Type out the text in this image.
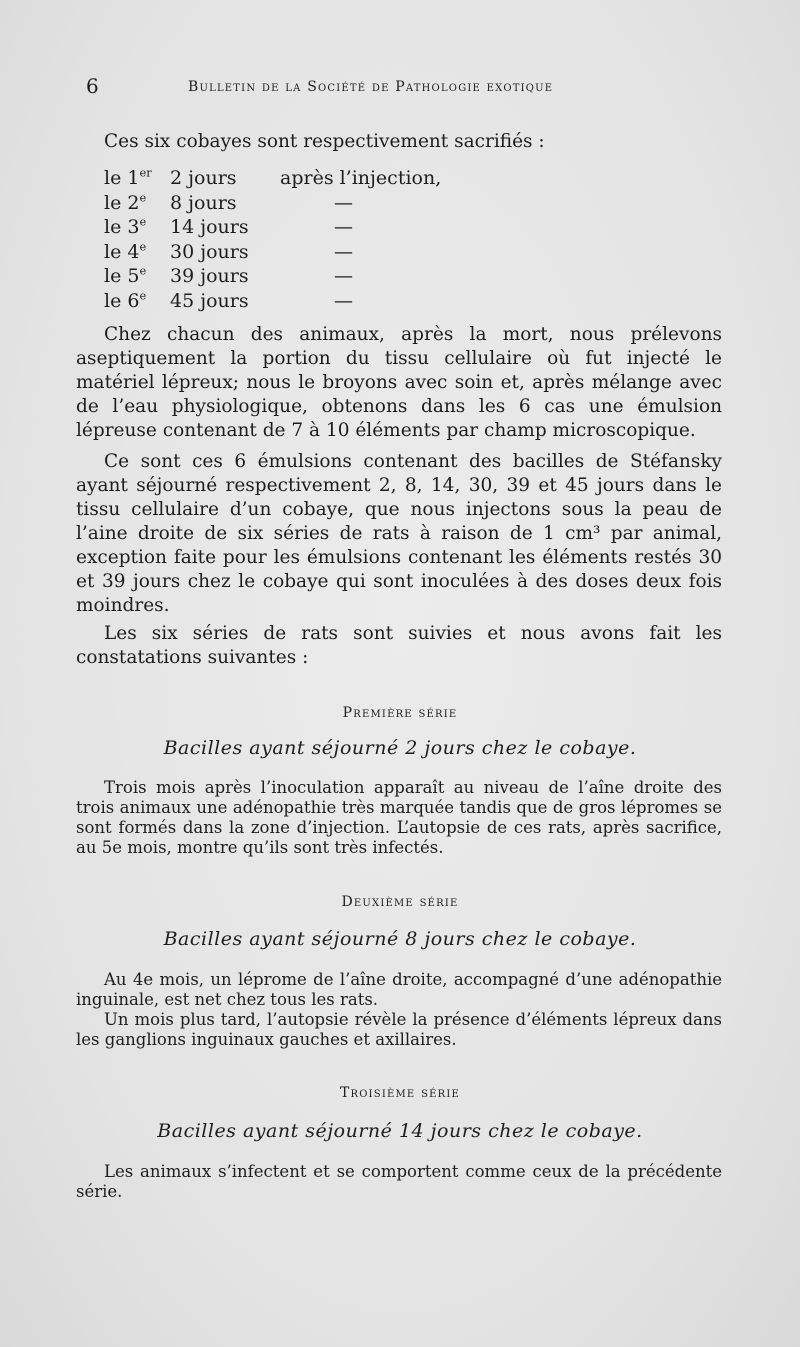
6	Bulletin de la Société de Pathologie exotique
Ces six cobayes sont respectivement sacrifiés :
le 1er 2 jours	après l’injection,
le 2e	8 jours	—
le 3e	14 jours	—
le 4e	30 jours	—
le 5e	39 jours	—
le 6e	45 jours	—
Chez chacun des animaux, après la mort, nous prélevons aseptiquement la portion du tissu cellulaire où fut injecté le matériel lépreux; nous le broyons avec soin et, après mélange avec de l’eau physiologique, obtenons dans les 6 cas une émulsion lépreuse contenant de 7 à 10 éléments par champ microscopique.
Ce sont ces 6 émulsions contenant des bacilles de Stéfansky ayant séjourné respectivement 2, 8, 14, 30, 39 et 45 jours dans le tissu cellulaire d’un cobaye, que nous injectons sous la peau de l’aine droite de six séries de rats à raison de 1 cm³ par animal, exception faite pour les émulsions contenant les éléments restés 30 et 39 jours chez le cobaye qui sont inoculées à des doses deux fois moindres.
Les six séries de rats sont suivies et nous avons fait les constatations suivantes :
Première série
Bacilles ayant séjourné 2 jours chez le cobaye.
Trois mois après l’inoculation apparaît au niveau de l’aîne droite des trois animaux une adénopathie très marquée tandis que de gros lépromes se sont formés dans la zone d’injection. L’autopsie de ces rats, après sacrifice, au 5e mois, montre qu’ils sont très infectés.
Deuxième série
Bacilles ayant séjourné 8 jours chez le cobaye.
Au 4e mois, un léprome de l’aîne droite, accompagné d’une adénopathie inguinale, est net chez tous les rats.
Un mois plus tard, l’autopsie révèle la présence d’éléments lépreux dans les ganglions inguinaux gauches et axillaires.
Troisième série
Bacilles ayant séjourné 14 jours chez le cobaye.
Les animaux s’infectent et se comportent comme ceux de la précédente série.
